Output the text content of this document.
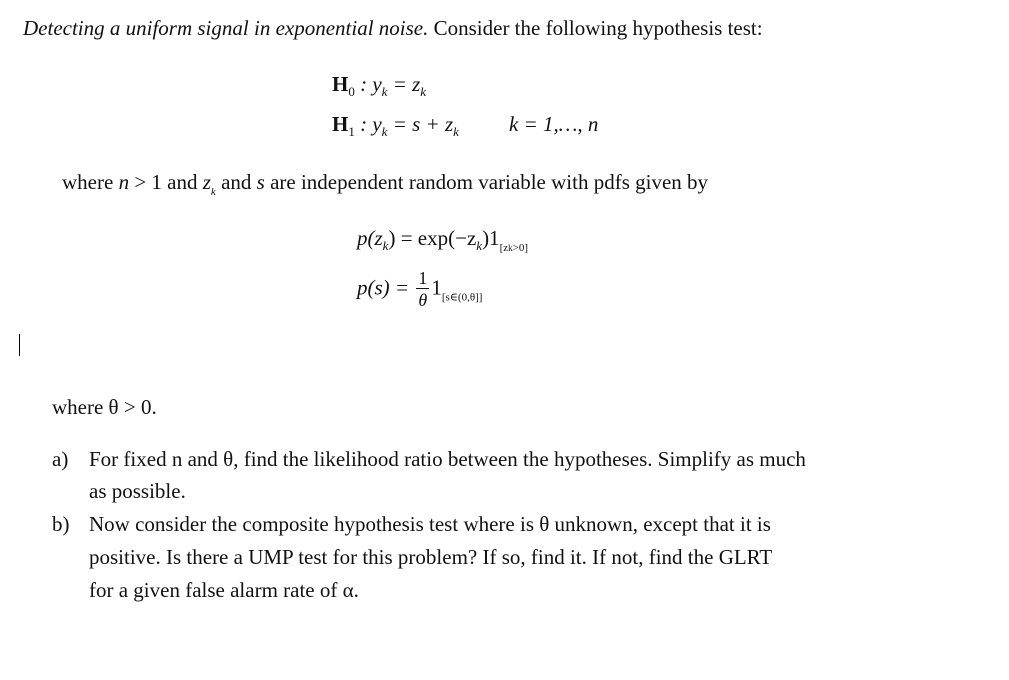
Detecting a uniform signal in exponential noise. Consider the following hypothesis test:
$H_0$ : $y_k = z_k$
$H_1$ : $y_k = s + z_k$ k = 1,…, n
where n > 1 and $z_k$ and s are independent random variable with pdfs given by
$p(z_k) = \exp(-z_k)1_{[zk>0]}$
$p(s) = \frac{1}{\theta} 1_{[s\in(0,\theta]]}$
where θ > 0.
a) For fixed n and θ, find the likelihood ratio between the hypotheses. Simplify as much
as possible.
b) Now consider the composite hypothesis test where is θ unknown, except that it is
positive. Is there a UMP test for this problem? If so, find it. If not, find the GLRT
for a given false alarm rate of α.
